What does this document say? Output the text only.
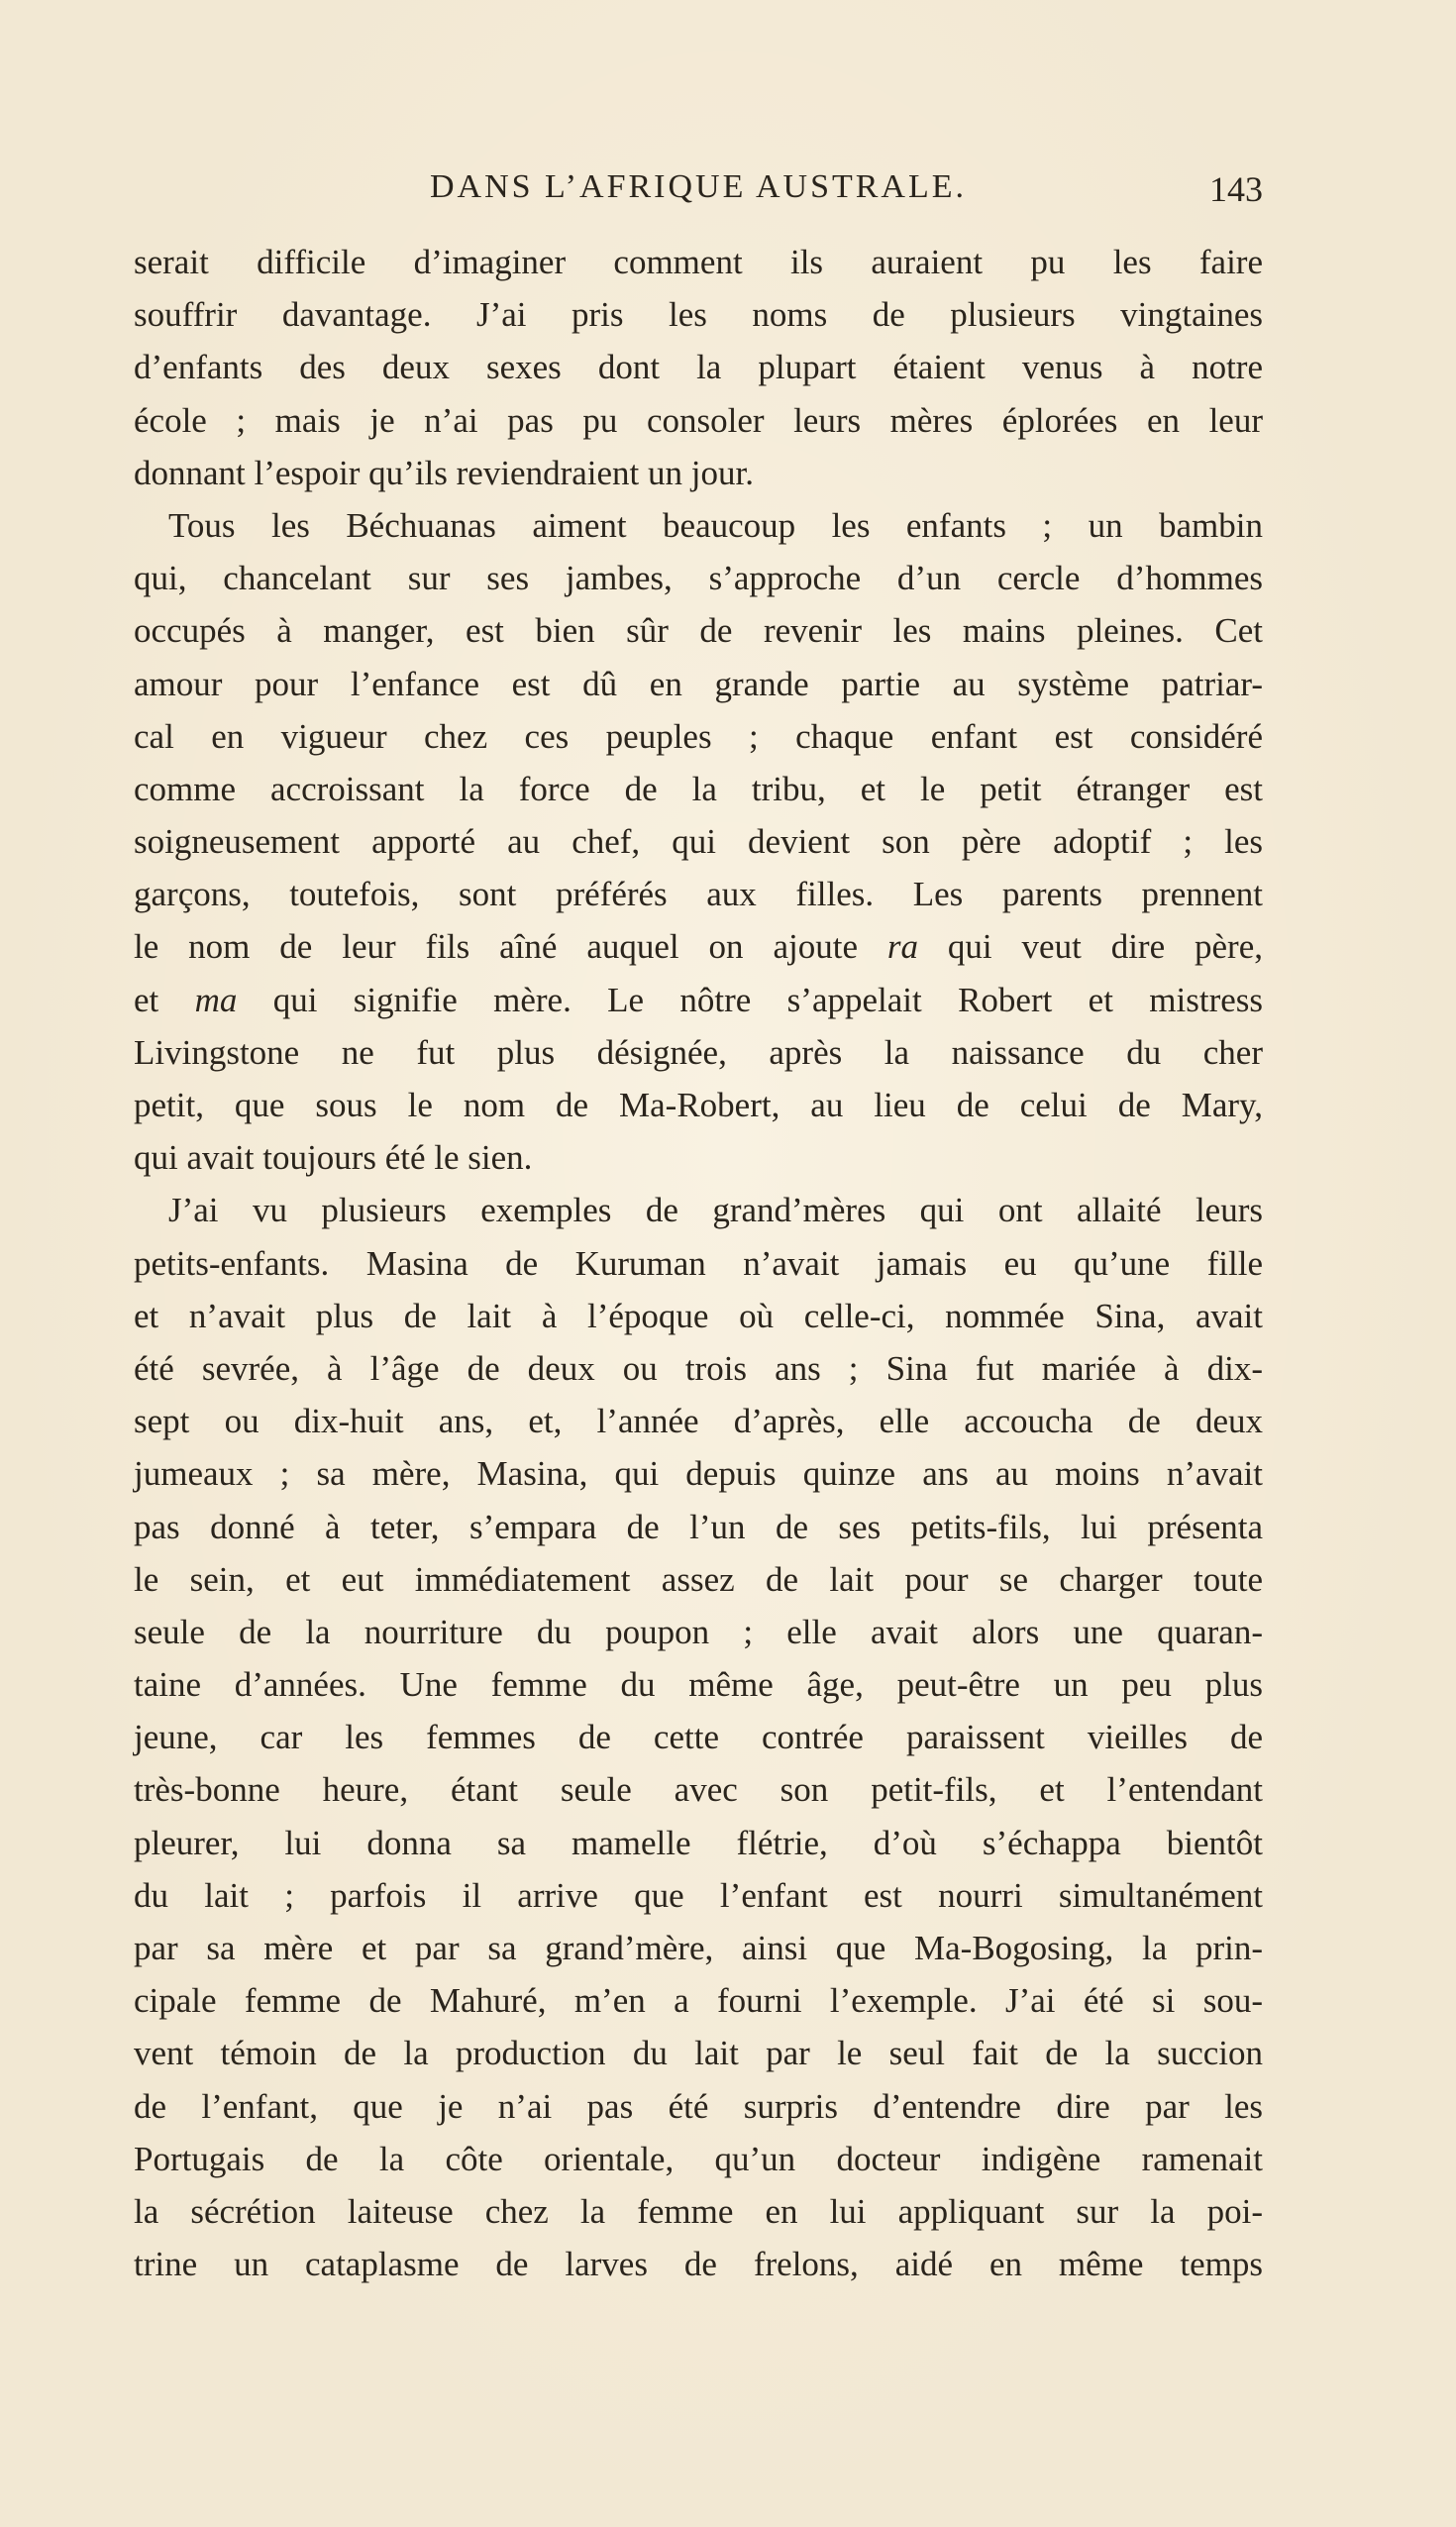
DANS L’AFRIQUE AUSTRALE.	143
serait difficile d’imaginer comment ils auraient pu les faire
souffrir davantage. J’ai pris les noms de plusieurs vingtaines
d’enfants des deux sexes dont la plupart étaient venus à notre
école ; mais je n’ai pas pu consoler leurs mères éplorées en leur
donnant l’espoir qu’ils reviendraient un jour.
Tous les Béchuanas aiment beaucoup les enfants ; un bambin
qui, chancelant sur ses jambes, s’approche d’un cercle d’hommes
occupés à manger, est bien sûr de revenir les mains pleines. Cet
amour pour l’enfance est dû en grande partie au système patriar-
cal en vigueur chez ces peuples ; chaque enfant est considéré
comme accroissant la force de la tribu, et le petit étranger est
soigneusement apporté au chef, qui devient son père adoptif ; les
garçons, toutefois, sont préférés aux filles. Les parents prennent
le nom de leur fils aîné auquel on ajoute ra qui veut dire père,
et ma qui signifie mère. Le nôtre s’appelait Robert et mistress
Livingstone ne fut plus désignée, après la naissance du cher
petit, que sous le nom de Ma-Robert, au lieu de celui de Mary,
qui avait toujours été le sien.
J’ai vu plusieurs exemples de grand’mères qui ont allaité leurs
petits-enfants. Masina de Kuruman n’avait jamais eu qu’une fille
et n’avait plus de lait à l’époque où celle-ci, nommée Sina, avait
été sevrée, à l’âge de deux ou trois ans ; Sina fut mariée à dix-
sept ou dix-huit ans, et, l’année d’après, elle accoucha de deux
jumeaux ; sa mère, Masina, qui depuis quinze ans au moins n’avait
pas donné à teter, s’empara de l’un de ses petits-fils, lui présenta
le sein, et eut immédiatement assez de lait pour se charger toute
seule de la nourriture du poupon ; elle avait alors une quaran-
taine d’années. Une femme du même âge, peut-être un peu plus
jeune, car les femmes de cette contrée paraissent vieilles de
très-bonne heure, étant seule avec son petit-fils, et l’entendant
pleurer, lui donna sa mamelle flétrie, d’où s’échappa bientôt
du lait ; parfois il arrive que l’enfant est nourri simultanément
par sa mère et par sa grand’mère, ainsi que Ma-Bogosing, la prin-
cipale femme de Mahuré, m’en a fourni l’exemple. J’ai été si sou-
vent témoin de la production du lait par le seul fait de la succion
de l’enfant, que je n’ai pas été surpris d’entendre dire par les
Portugais de la côte orientale, qu’un docteur indigène ramenait
la sécrétion laiteuse chez la femme en lui appliquant sur la poi-
trine un cataplasme de larves de frelons, aidé en même temps
